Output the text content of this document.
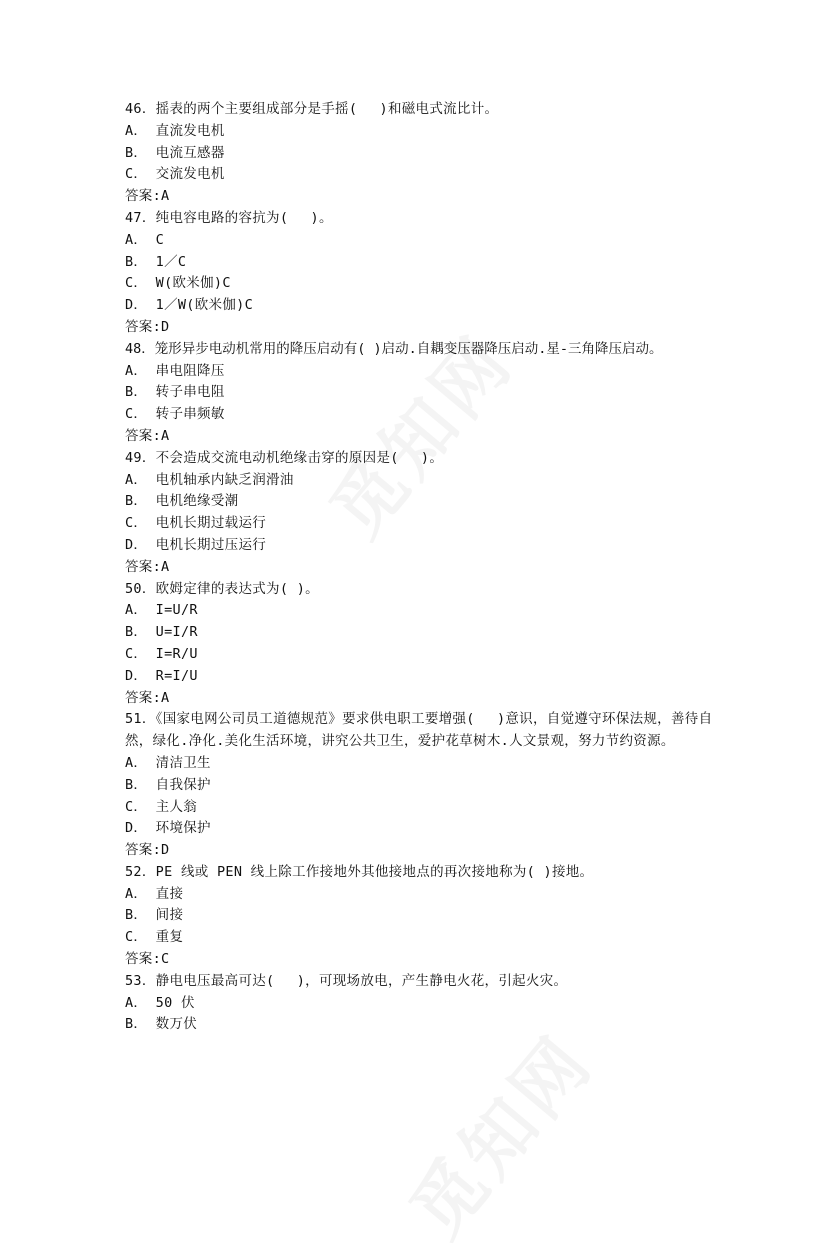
46．摇表的两个主要组成部分是手摇(　 )和磁电式流比计。

A． 直流发电机

B． 电流互感器

C． 交流发电机

答案:A

47．纯电容电路的容抗为(　 )。

A． C

B． 1／C

C． W(欧米伽)C

D． 1／W(欧米伽)C

答案:D

48．笼形异步电动机常用的降压启动有( )启动.自耦变压器降压启动.星-三角降压启动。

A． 串电阻降压

B． 转子串电阻

C． 转子串频敏

答案:A

49．不会造成交流电动机绝缘击穿的原因是(　 )。

A． 电机轴承内缺乏润滑油

B． 电机绝缘受潮

C． 电机长期过载运行

D． 电机长期过压运行

答案:A

50．欧姆定律的表达式为( )。

A． I=U/R

B． U=I/R

C． I=R/U

D． R=I/U

答案:A

51．《国家电网公司员工道德规范》要求供电职工要增强(　 )意识，自觉遵守环保法规，善待自然，绿化.净化.美化生活环境，讲究公共卫生，爱护花草树木.人文景观，努力节约资源。

A． 清洁卫生

B． 自我保护

C． 主人翁

D． 环境保护

答案:D

52．PE 线或 PEN 线上除工作接地外其他接地点的再次接地称为( )接地。

A． 直接

B． 间接

C． 重复

答案:C

53．静电电压最高可达(　 )，可现场放电，产生静电火花，引起火灾。

A． 50 伏

B． 数万伏
